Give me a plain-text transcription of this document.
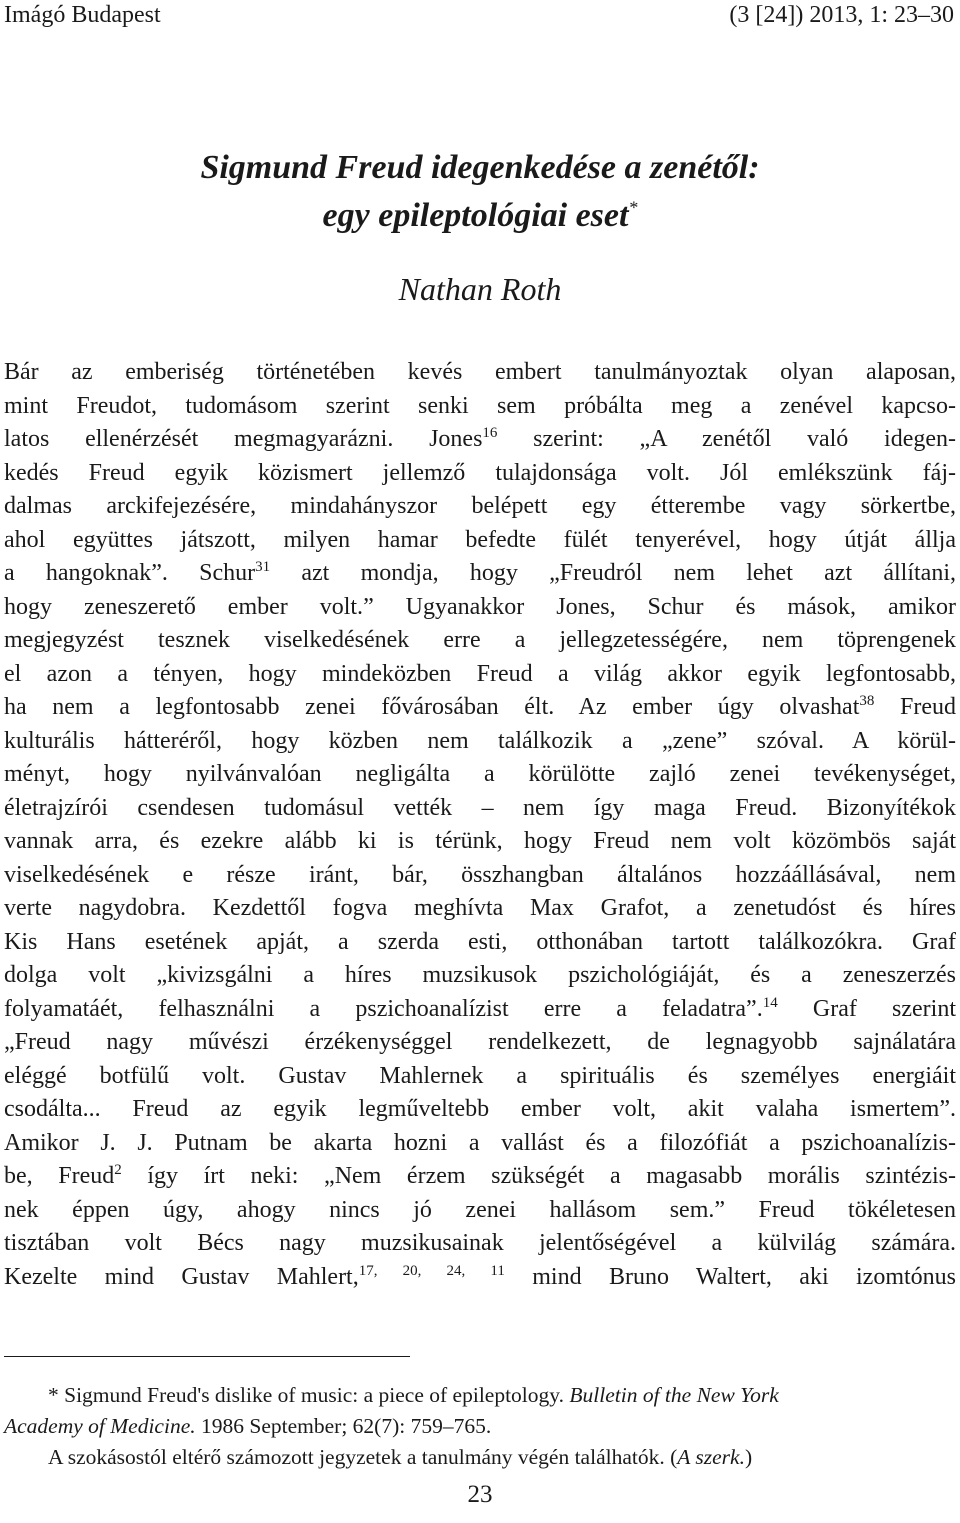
Imágó Budapest	(3 [24]) 2013, 1: 23–30
Sigmund Freud idegenkedése a zenétől:
egy epileptológiai eset*
Nathan Roth
Bár az emberiség történetében kevés embert tanulmányoztak olyan alaposan,
mint Freudot, tudomásom szerint senki sem próbálta meg a zenével kapcso-
latos ellenérzését megmagyarázni. Jones$^{16}$ szerint: „A zenétől való idegen-
kedés Freud egyik közismert jellemző tulajdonsága volt. Jól emlékszünk fáj-
dalmas arckifejezésére, mindahányszor belépett egy étterembe vagy sörkertbe,
ahol együttes játszott, milyen hamar befedte fülét tenyerével, hogy útját állja
a hangoknak”. Schur$^{31}$ azt mondja, hogy „Freudról nem lehet azt állítani,
hogy zeneszerető ember volt.” Ugyanakkor Jones, Schur és mások, amikor
megjegyzést tesznek viselkedésének erre a jellegzetességére, nem töprengenek
el azon a tényen, hogy mindeközben Freud a világ akkor egyik legfontosabb,
ha nem a legfontosabb zenei fővárosában élt. Az ember úgy olvashat$^{38}$ Freud
kulturális hátteréről, hogy közben nem találkozik a „zene” szóval. A körül-
ményt, hogy nyilvánvalóan negligálta a körülötte zajló zenei tevékenységet,
életrajzírói csendesen tudomásul vették – nem így maga Freud. Bizonyítékok
vannak arra, és ezekre alább ki is térünk, hogy Freud nem volt közömbös saját
viselkedésének e része iránt, bár, összhangban általános hozzáállásával, nem
verte nagydobra. Kezdettől fogva meghívta Max Grafot, a zenetudóst és híres
Kis Hans esetének apját, a szerda esti, otthonában tartott találkozókra. Graf
dolga volt „kivizsgálni a híres muzsikusok pszichológiáját, és a zeneszerzés
folyamatáét, felhasználni a pszichoanalízist erre a feladatra”.$^{14}$ Graf szerint
„Freud nagy művészi érzékenységgel rendelkezett, de legnagyobb sajnálatára
eléggé botfülű volt. Gustav Mahlernek a spirituális és személyes energiáit
csodálta... Freud az egyik legműveltebb ember volt, akit valaha ismertem”.
Amikor J. J. Putnam be akarta hozni a vallást és a filozófiát a pszichoanalízis-
be, Freud$^2$ így írt neki: „Nem érzem szükségét a magasabb morális szintézis-
nek éppen úgy, ahogy nincs jó zenei hallásom sem.” Freud tökéletesen
tisztában volt Bécs nagy muzsikusainak jelentőségével a külvilág számára.
Kezelte mind Gustav Mahlert,$^{17, 20, 24, 11}$ mind Bruno Waltert, aki izomtónus
* Sigmund Freud's dislike of music: a piece of epileptology. Bulletin of the New York
Academy of Medicine. 1986 September; 62(7): 759–765.
A szokásostól eltérő számozott jegyzetek a tanulmány végén találhatók. (A szerk.)
23
